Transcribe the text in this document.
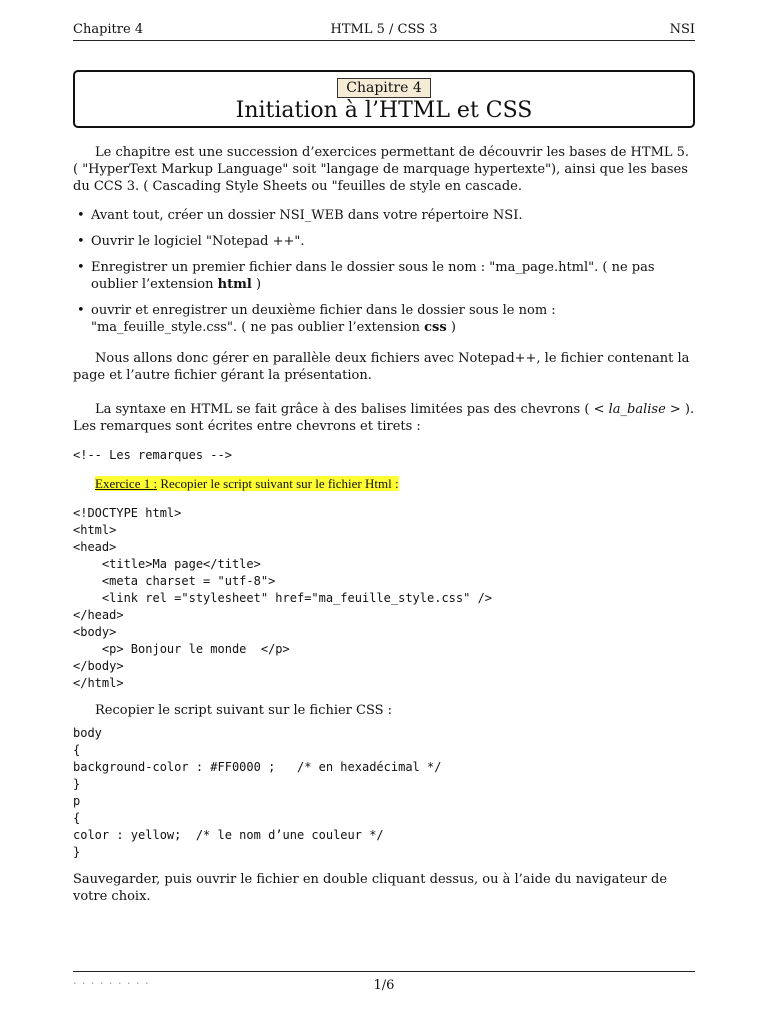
Chapitre 4	HTML 5 / CSS 3	NSI
Chapitre 4
Initiation à l’HTML et CSS

Le chapitre est une succession d’exercices permettant de découvrir les bases de HTML 5. ( "HyperText Markup Language" soit "langage de marquage hypertexte"), ainsi que les bases du CCS 3. ( Cascading Style Sheets ou "feuilles de style en cascade.

• Avant tout, créer un dossier NSI_WEB dans votre répertoire NSI.
• Ouvrir le logiciel "Notepad ++".
• Enregistrer un premier fichier dans le dossier sous le nom : "ma_page.html". ( ne pas oublier l’extension html )
• ouvrir et enregistrer un deuxième fichier dans le dossier sous le nom : "ma_feuille_style.css". ( ne pas oublier l’extension css )

Nous allons donc gérer en parallèle deux fichiers avec Notepad++, le fichier contenant la page et l’autre fichier gérant la présentation.

La syntaxe en HTML se fait grâce à des balises limitées pas des chevrons ( < la_balise > ). Les remarques sont écrites entre chevrons et tirets :

<!-- Les remarques -->

Exercice 1 : Recopier le script suivant sur le fichier Html :

<!DOCTYPE html>
<html>
<head>
<title>Ma page</title>
<meta charset = "utf-8">
<link rel ="stylesheet" href="ma_feuille_style.css" />
</head>
<body>
<p> Bonjour le monde  </p>
</body>
</html>

Recopier le script suivant sur le fichier CSS :

body
{
background-color : #FF0000 ;   /* en hexadécimal */
}
p
{
color : yellow;  /* le nom d’une couleur */
}

Sauvegarder, puis ouvrir le fichier en double cliquant dessus, ou à l’aide du navigateur de votre choix.

· · · · · · · · ·	1/6
